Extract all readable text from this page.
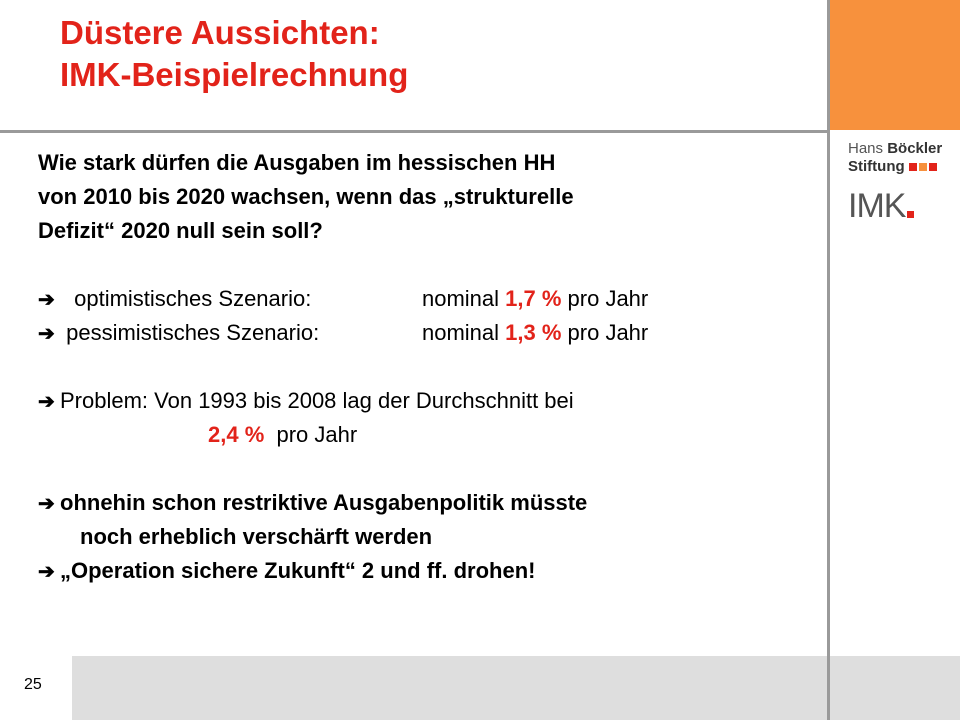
Düstere Aussichten:
IMK-Beispielrechnung
Hans Böckler
Stiftung
IMK
Wie stark dürfen die Ausgaben im hessischen HH
von 2010 bis 2020 wachsen, wenn das „strukturelle
Defizit“ 2020 null sein soll?
➔ optimistisches Szenario:	nominal 1,7 % pro Jahr
➔ pessimistisches Szenario:	nominal 1,3 % pro Jahr
➔ Problem: Von 1993 bis 2008 lag der Durchschnitt bei
2,4 %  pro Jahr
➔ ohnehin schon restriktive Ausgabenpolitik müsste
noch erheblich verschärft werden
➔ „Operation sichere Zukunft“ 2 und ff. drohen!
25
